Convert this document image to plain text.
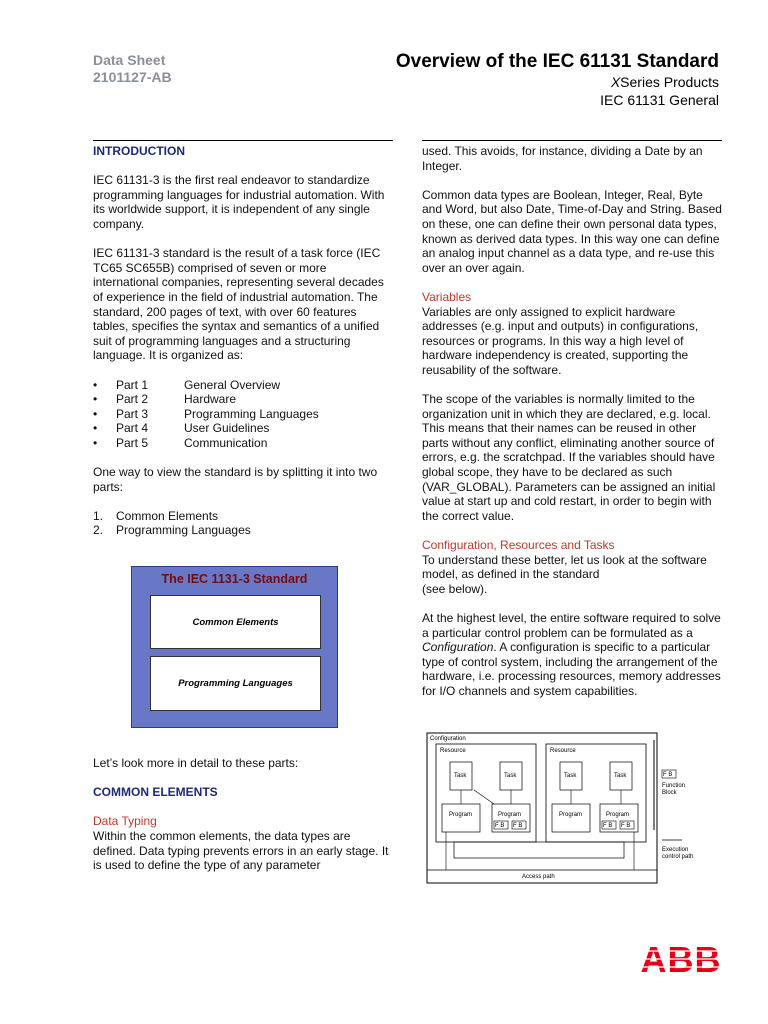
Data Sheet
2101127-AB
Overview of the IEC 61131 Standard
XSeries Products
IEC 61131 General
INTRODUCTION

IEC 61131-3 is the first real endeavor to standardize programming languages for industrial automation. With its worldwide support, it is independent of any single company.

IEC 61131-3 standard is the result of a task force (IEC TC65 SC655B) comprised of seven or more international companies, representing several decades of experience in the field of industrial automation. The standard, 200 pages of text, with over 60 features tables, specifies the syntax and semantics of a unified suit of programming languages and a structuring language. It is organized as:

•	Part 1	General Overview
•	Part 2	Hardware
•	Part 3	Programming Languages
•	Part 4	User Guidelines
•	Part 5	Communication

One way to view the standard is by splitting it into two parts:

1.	Common Elements
2.	Programming Languages
The IEC 1131-3 Standard
Common Elements
Programming Languages

Let’s look more in detail to these parts:

COMMON ELEMENTS
Data Typing

Within the common elements, the data types are defined. Data typing prevents errors in an early stage. It is used to define the type of any parameter

used. This avoids, for instance, dividing a Date by an Integer.

Common data types are Boolean, Integer, Real, Byte and Word, but also Date, Time-of-Day and String. Based on these, one can define their own personal data types, known as derived data types. In this way one can define an analog input channel as a data type, and re-use this over an over again.

Variables

Variables are only assigned to explicit hardware addresses (e.g. input and outputs) in configurations, resources or programs. In this way a high level of hardware independency is created, supporting the reusability of the software.

The scope of the variables is normally limited to the organization unit in which they are declared, e.g. local. This means that their names can be reused in other parts without any conflict, eliminating another source of errors, e.g. the scratchpad. If the variables should have global scope, they have to be declared as such (VAR_GLOBAL). Parameters can be assigned an initial value at start up and cold restart, in order to begin with the correct value.

Configuration, Resources and Tasks

To understand these better, let us look at the software model, as defined in the standard

(see below).

At the highest level, the entire software required to solve a particular control problem can be formulated as a Configuration. A configuration is specific to a particular type of control system, including the arrangement of the hardware, i.e. processing resources, memory addresses for I/O channels and system capabilities.

Configuration
Resource
Task	Task
Program	Program
F B F B
Resource
Task	Task
Program	Program
F B F B
Access path
F B
Function
Block
Execution
control path
ABB
